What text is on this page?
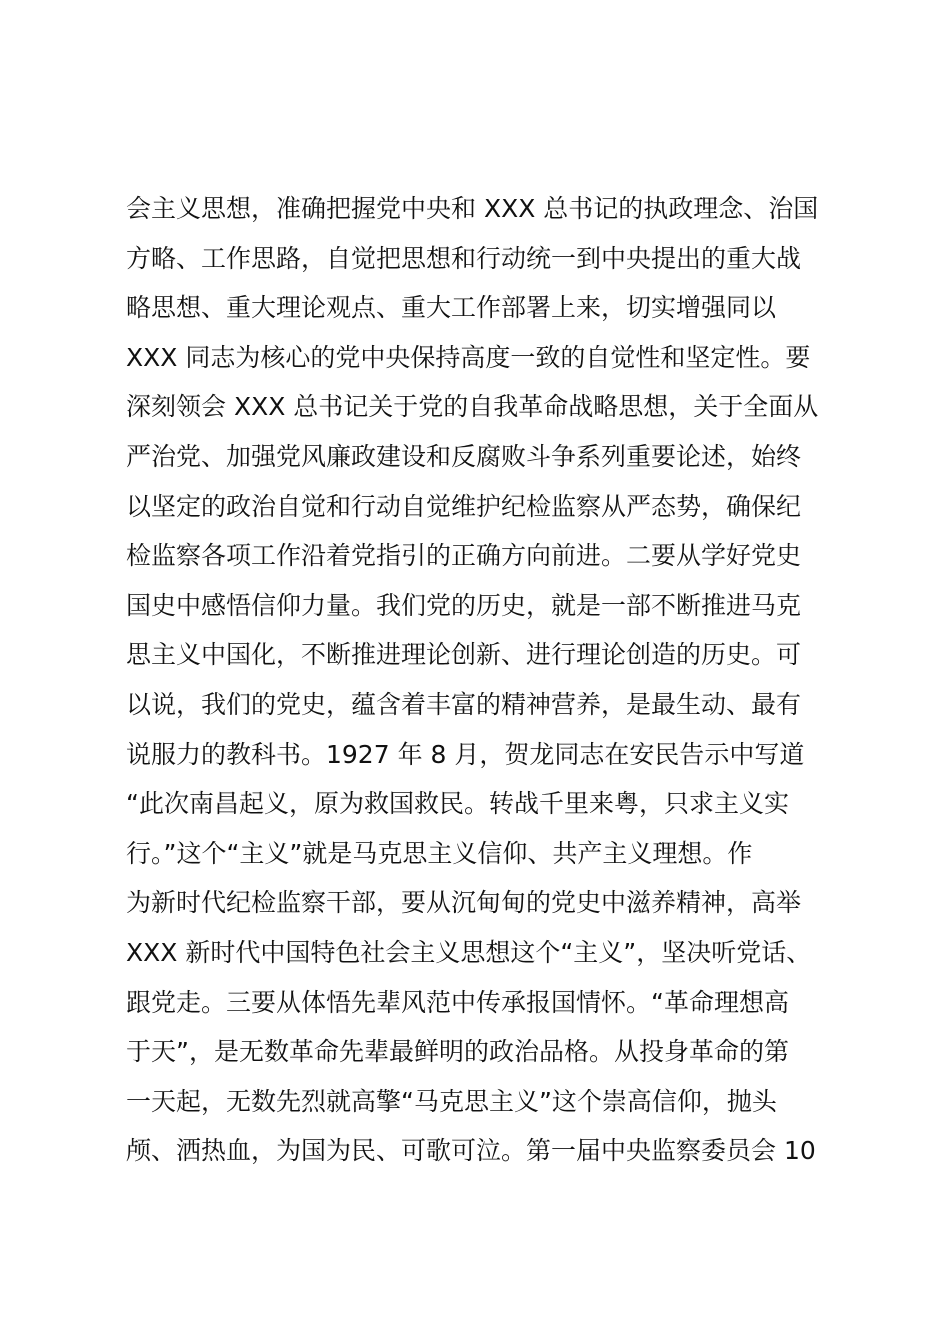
会主义思想，准确把握党中央和 XXX 总书记的执政理念、治国
方略、工作思路，自觉把思想和行动统一到中央提出的重大战
略思想、重大理论观点、重大工作部署上来，切实增强同以
XXX 同志为核心的党中央保持高度一致的自觉性和坚定性。要
深刻领会 XXX 总书记关于党的自我革命战略思想，关于全面从
严治党、加强党风廉政建设和反腐败斗争系列重要论述，始终
以坚定的政治自觉和行动自觉维护纪检监察从严态势，确保纪
检监察各项工作沿着党指引的正确方向前进。二要从学好党史
国史中感悟信仰力量。我们党的历史，就是一部不断推进马克
思主义中国化，不断推进理论创新、进行理论创造的历史。可
以说，我们的党史，蕴含着丰富的精神营养，是最生动、最有
说服力的教科书。1927 年 8 月，贺龙同志在安民告示中写道
“此次南昌起义，原为救国救民。转战千里来粤，只求主义实
行。”这个“主义”就是马克思主义信仰、共产主义理想。作
为新时代纪检监察干部，要从沉甸甸的党史中滋养精神，高举
XXX 新时代中国特色社会主义思想这个“主义”，坚决听党话、
跟党走。三要从体悟先辈风范中传承报国情怀。“革命理想高
于天”，是无数革命先辈最鲜明的政治品格。从投身革命的第
一天起，无数先烈就高擎“马克思主义”这个崇高信仰，抛头
颅、洒热血，为国为民、可歌可泣。第一届中央监察委员会 10
